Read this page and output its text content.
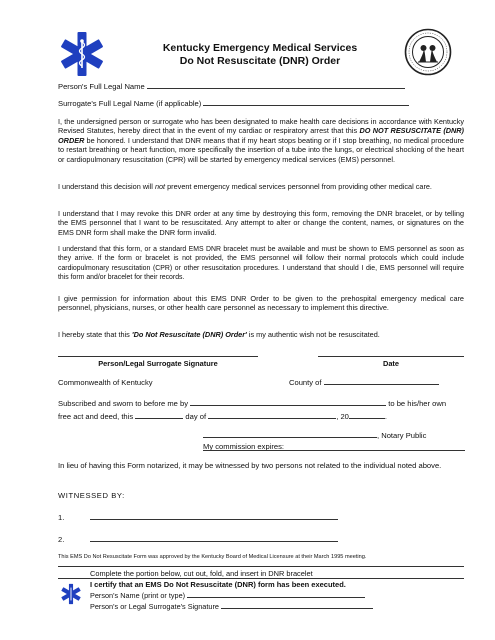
Kentucky Emergency Medical Services
Do Not Resuscitate (DNR) Order
Person's Full Legal Name
Surrogate's Full Legal Name (if applicable)
I, the undersigned person or surrogate who has been designated to make health care decisions in accordance with Kentucky Revised Statutes, hereby direct that in the event of my cardiac or respiratory arrest that this DO NOT RESUSCITATE (DNR) ORDER be honored. I understand that DNR means that if my heart stops beating or if I stop breathing, no medical procedure to restart breathing or heart function, more specifically the insertion of a tube into the lungs, or electrical shocking of the heart or cardiopulmonary resuscitation (CPR) will be started by emergency medical services (EMS) personnel.
I understand this decision will not prevent emergency medical services personnel from providing other medical care.
I understand that I may revoke this DNR order at any time by destroying this form, removing the DNR bracelet, or by telling the EMS personnel that I want to be resuscitated. Any attempt to alter or change the content, names, or signatures on the EMS DNR form shall make the DNR form invalid.
I understand that this form, or a standard EMS DNR bracelet must be available and must be shown to EMS personnel as soon as they arrive. If the form or bracelet is not provided, the EMS personnel will follow their normal protocols which could include cardiopulmonary resuscitation (CPR) or other resuscitation procedures. I understand that should I die, EMS personnel will require this form and/or bracelet for their records.
I give permission for information about this EMS DNR Order to be given to the prehospital emergency medical care personnel, physicians, nurses, or other health care personnel as necessary to implement this directive.
I hereby state that this 'Do Not Resuscitate (DNR) Order' is my authentic wish not be resuscitated.
Person/Legal Surrogate Signature	Date
Commonwealth of Kentucky	County of
Subscribed and sworn to before me by	to be his/her own
free act and deed, this	day of	, 20	.
, Notary Public
My commission expires:
In lieu of having this Form notarized, it may be witnessed by two persons not related to the individual noted above.
WITNESSED BY:
1.
2.
This EMS Do Not Resuscitate Form was approved by the Kentucky Board of Medical Licensure at their March 1995 meeting.
Complete the portion below, cut out, fold, and insert in DNR bracelet
I certify that an EMS Do Not Resuscitate (DNR) form has been executed.
Person's Name (print or type)
Person's or Legal Surrogate's Signature
